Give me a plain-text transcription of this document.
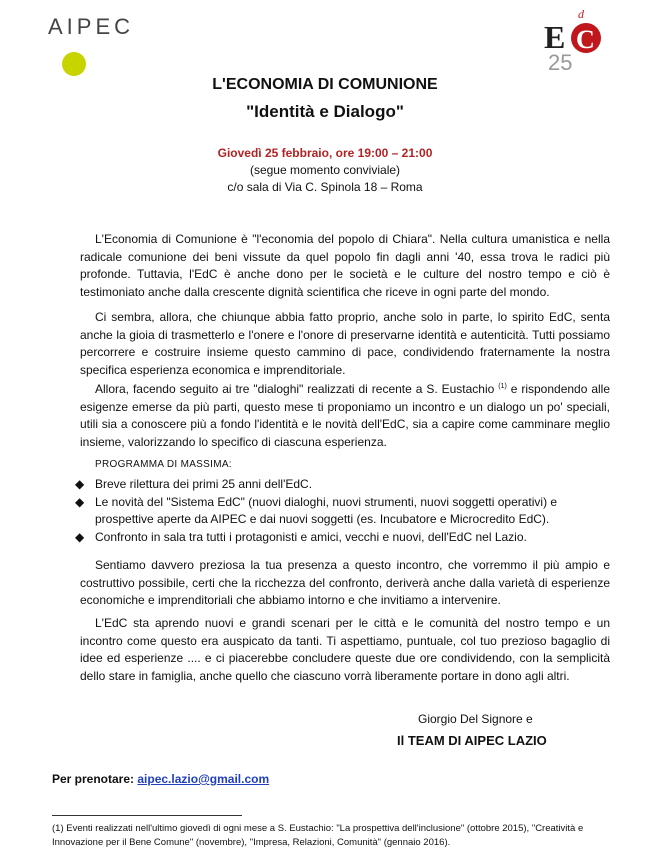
AIPEC	d
E C
25
L'ECONOMIA DI COMUNIONE
"Identità e Dialogo"
Giovedì 25 febbraio, ore 19:00 – 21:00
(segue momento conviviale)
c/o sala di Via C. Spinola 18 – Roma

L'Economia di Comunione è "l'economia del popolo di Chiara". Nella cultura umanistica e nella radicale comunione dei beni vissute da quel popolo fin dagli anni '40, essa trova le radici più profonde. Tuttavia, l'EdC è anche dono per le società e le culture del nostro tempo e ciò è testimoniato anche dalla crescente dignità scientifica che riceve in ogni parte del mondo.

Ci sembra, allora, che chiunque abbia fatto proprio, anche solo in parte, lo spirito EdC, senta anche la gioia di trasmetterlo e l'onere e l'onore di preservarne identità e autenticità. Tutti possiamo percorrere e costruire insieme questo cammino di pace, condividendo fraternamente la nostra specifica esperienza economica e imprenditoriale.

Allora, facendo seguito ai tre "dialoghi" realizzati di recente a S. Eustachio $^{(1)}$ e rispondendo alle esigenze emerse da più parti, questo mese ti proponiamo un incontro e un dialogo un po' speciali, utili sia a conoscere più a fondo l'identità e le novità dell'EdC, sia a capire come camminare meglio insieme, valorizzando lo specifico di ciascuna esperienza.

PROGRAMMA DI MASSIMA:
◆ Breve rilettura dei primi 25 anni dell'EdC.
◆ Le novità del "Sistema EdC" (nuovi dialoghi, nuovi strumenti, nuovi soggetti operativi) e prospettive aperte da AIPEC e dai nuovi soggetti (es. Incubatore e Microcredito EdC).
◆ Confronto in sala tra tutti i protagonisti e amici, vecchi e nuovi, dell'EdC nel Lazio.

Sentiamo davvero preziosa la tua presenza a questo incontro, che vorremmo il più ampio e costruttivo possibile, certi che la ricchezza del confronto, deriverà anche dalla varietà di esperienze economiche e imprenditoriali che abbiamo intorno e che invitiamo a intervenire.

L'EdC sta aprendo nuovi e grandi scenari per le città e le comunità del nostro tempo e un incontro come questo era auspicato da tanti. Ti aspettiamo, puntuale, col tuo prezioso bagaglio di idee ed esperienze .... e ci piacerebbe concludere queste due ore condividendo, con la semplicità dello stare in famiglia, anche quello che ciascuno vorrà liberamente portare in dono agli altri.

Giorgio Del Signore e
Il TEAM DI AIPEC LAZIO
Per prenotare: aipec.lazio@gmail.com

(1) Eventi realizzati nell'ultimo giovedì di ogni mese a S. Eustachio: "La prospettiva dell'inclusione" (ottobre 2015), "Creatività e Innovazione per il Bene Comune" (novembre), "Impresa, Relazioni, Comunità" (gennaio 2016).
